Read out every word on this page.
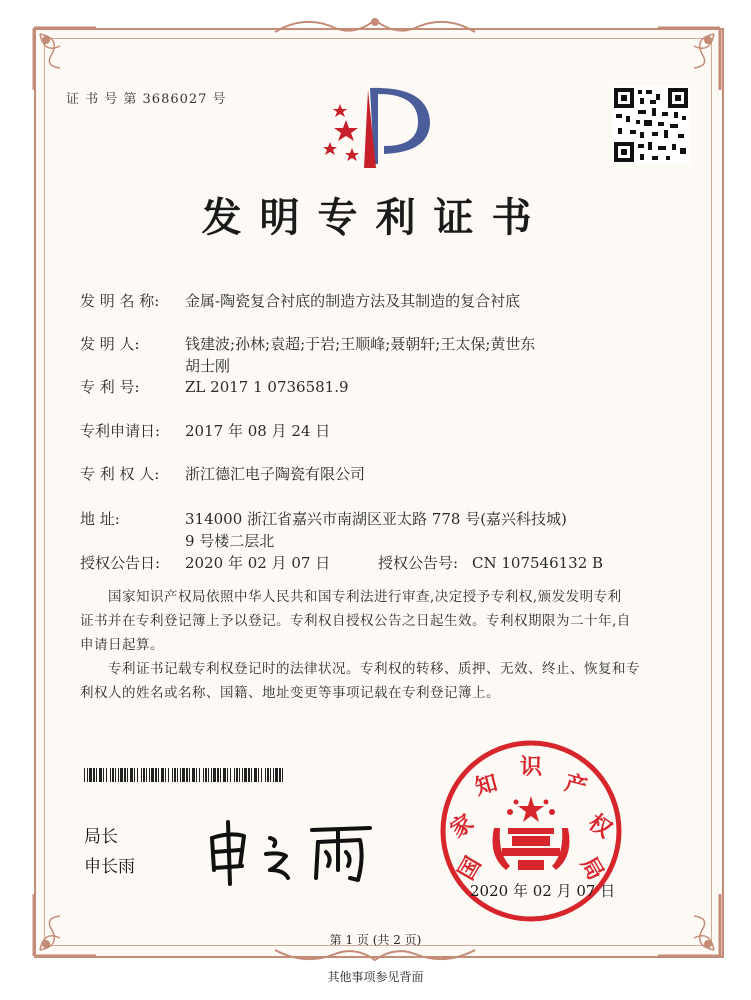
证 书 号 第 3686027 号
发明专利证书
发 明 名 称:	金属-陶瓷复合衬底的制造方法及其制造的复合衬底
发 明 人:	钱建波;孙林;袁超;于岩;王顺峰;聂朝轩;王太保;黄世东
胡士刚
专 利 号:	ZL 2017 1 0736581.9
专利申请日:	2017 年 08 月 24 日
专 利 权 人:	浙江德汇电子陶瓷有限公司
地 址:	314000 浙江省嘉兴市南湖区亚太路 778 号(嘉兴科技城)
9 号楼二层北
授权公告日:	2020 年 02 月 07 日	授权公告号: CN 107546132 B
国家知识产权局依照中华人民共和国专利法进行审查,决定授予专利权,颁发发明专利
证书并在专利登记簿上予以登记。专利权自授权公告之日起生效。专利权期限为二十年,自
申请日起算。
专利证书记载专利权登记时的法律状况。专利权的转移、质押、无效、终止、恢复和专
利权人的姓名或名称、国籍、地址变更等事项记载在专利登记簿上。
局长
申长雨	国
家
知
识
产
权
局
2020 年 02 月 07 日
第 1 页 (共 2 页)
其他事项参见背面
